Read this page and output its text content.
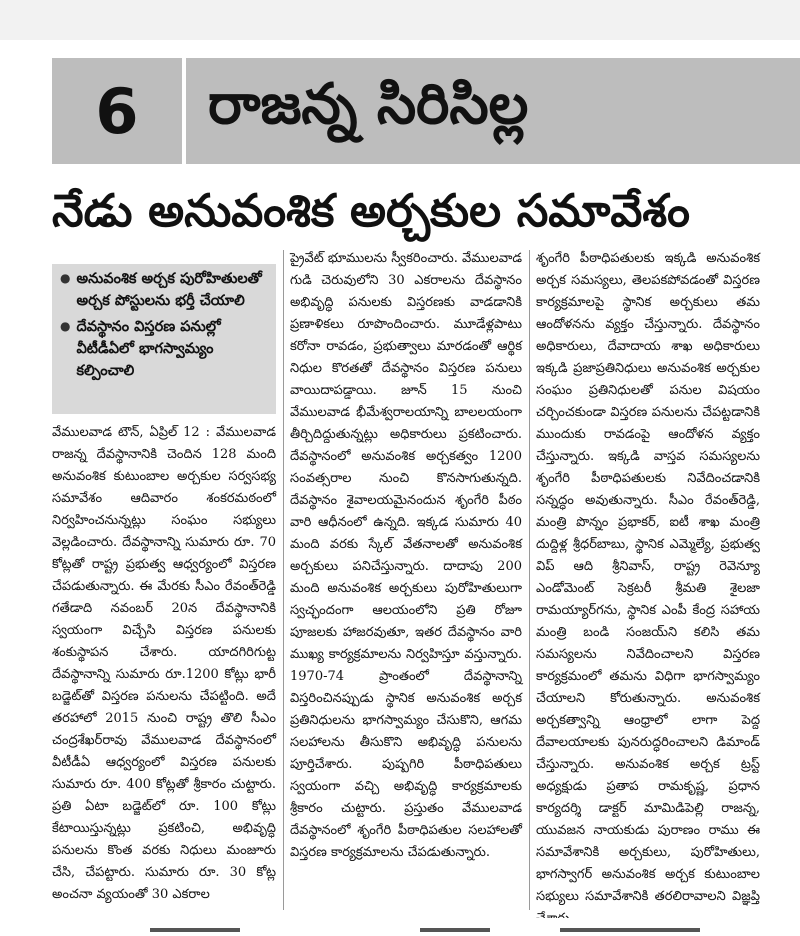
6	రాజన్న సిరిసిల్ల
నేడు అనువంశిక అర్చకుల సమావేశం
● అనువంశిక అర్చక పురోహితులతో అర్చక పోస్టులను భర్తీ చేయాలి
● దేవస్థానం విస్తరణ పనుల్లో వీటీడీఏలో భాగస్వామ్యం కల్పించాలి

వేములవాడ టౌన్, ఏప్రిల్ 12 : వేములవాడ రాజన్న దేవస్థానానికి చెందిన 128 మంది అనువంశిక కుటుంబాల అర్చకుల సర్వసభ్య సమావేశం ఆదివారం శంకరమఠంలో నిర్వహించనున్నట్లు సంఘం సభ్యులు వెల్లడించారు. దేవస్థానాన్ని సుమారు రూ. 70 కోట్లతో రాష్ట్ర ప్రభుత్వ ఆధ్వర్యంలో విస్తరణ చేపడుతున్నారు. ఈ మేరకు సీఎం రేవంత్‌రెడ్డి గతేడాది నవంబర్ 20న దేవస్థానానికి స్వయంగా విచ్చేసి విస్తరణ పనులకు శంకుస్థాపన చేశారు. యాదగిరిగుట్ట దేవస్థానాన్ని సుమారు రూ.1200 కోట్లు భారీ బడ్జెట్‌తో విస్తరణ పనులను చేపట్టింది. అదే తరహాలో 2015 నుంచి రాష్ట్ర తొలి సీఎం చంద్రశేఖర్‌రావు వేములవాడ దేవస్థానంలో వీటీడీఏ ఆధ్వర్యంలో విస్తరణ పనులకు సుమారు రూ. 400 కోట్లతో శ్రీకారం చుట్టారు. ప్రతి ఏటా బడ్జెట్‌లో రూ. 100 కోట్లు కేటాయిస్తున్నట్లు ప్రకటించి, అభివృద్ధి పనులను కొంత వరకు నిధులు మంజూరు చేసి, చేపట్టారు. సుమారు రూ. 30 కోట్ల అంచనా వ్యయంతో 30 ఎకరాల

ప్రైవేట్ భూములను స్వీకరించారు. వేములవాడ గుడి చెరువులోని 30 ఎకరాలను దేవస్థానం అభివృద్ధి పనులకు విస్తరణకు వాడడానికి ప్రణాళికలు రూపొందించారు. మూడేళ్లపాటు కరోనా రావడం, ప్రభుత్వాలు మారడంతో ఆర్థిక నిధుల కొరతతో దేవస్థానం విస్తరణ పనులు వాయిదాపడ్డాయి. జూన్ 15 నుంచి వేములవాడ భీమేశ్వరాలయాన్ని బాలలయంగా తీర్చిదిద్దుతున్నట్లు అధికారులు ప్రకటించారు. దేవస్థానంలో అనువంశిక అర్చకత్వం 1200 సంవత్సరాల నుంచి కొనసాగుతున్నది. దేవస్థానం శైవాలయమైనందున శృంగేరి పీఠం వారి ఆధీనంలో ఉన్నది. ఇక్కడ సుమారు 40 మంది వరకు స్కేల్ వేతనాలతో అనువంశిక అర్చకులు పనిచేస్తున్నారు. దాదాపు 200 మంది అనువంశిక అర్చకులు పురోహితులుగా స్వచ్ఛందంగా ఆలయంలోని ప్రతి రోజూ పూజలకు హాజరవుతూ, ఇతర దేవస్థానం వారి ముఖ్య కార్యక్రమాలను నిర్వహిస్తూ వస్తున్నారు. 1970-74 ప్రాంతంలో దేవస్థానాన్ని విస్తరించినప్పుడు స్థానిక అనువంశిక అర్చక ప్రతినిధులను భాగస్వామ్యం చేసుకొని, ఆగమ సలహాలను తీసుకొని అభివృద్ధి పనులను పూర్తిచేశారు. పుష్పగిరి పీఠాధిపతులు స్వయంగా వచ్చి అభివృద్ధి కార్యక్రమాలకు శ్రీకారం చుట్టారు. ప్రస్తుతం వేములవాడ దేవస్థానంలో శృంగేరి పీఠాధిపతుల సలహాలతో విస్తరణ కార్యక్రమాలను చేపడుతున్నారు.

శృంగేరి పీఠాధిపతులకు ఇక్కడి అనువంశిక అర్చక సమస్యలు, తెలపకపోవడంతో విస్తరణ కార్యక్రమాలపై స్థానిక అర్చకులు తమ ఆందోళనను వ్యక్తం చేస్తున్నారు. దేవస్థానం అధికారులు, దేవాదాయ శాఖ అధికారులు ఇక్కడి ప్రజాప్రతినిధులు అనువంశిక అర్చకుల సంఘం ప్రతినిధులతో పనుల విషయం చర్చించకుండా విస్తరణ పనులను చేపట్టడానికి ముందుకు రావడంపై ఆందోళన వ్యక్తం చేస్తున్నారు. ఇక్కడి వాస్తవ సమస్యలను శృంగేరి పీఠాధిపతులకు నివేదించడానికి సన్నద్ధం అవుతున్నారు. సీఎం రేవంత్‌రెడ్డి, మంత్రి పొన్నం ప్రభాకర్, ఐటీ శాఖ మంత్రి దుద్దిళ్ల శ్రీధర్‌బాబు, స్థానిక ఎమ్మెల్యే, ప్రభుత్వ విప్ ఆది శ్రీనివాస్, రాష్ట్ర రెవెన్యూ ఎండోమెంట్ సెక్రటరీ శ్రీమతి శైలజా రామయ్యార్‌గ‌ను, స్థానిక ఎంపీ కేంద్ర సహాయ మంత్రి బండి సంజయ్‌ని కలిసి తమ సమస్యలను నివేదించాలని విస్తరణ కార్యక్రమంలో తమను విధిగా భాగస్వామ్యం చేయాలని కోరుతున్నారు. అనువంశిక అర్చకత్వాన్ని ఆంధ్రాలో లాగా పెద్ద దేవాలయాలకు పునరుద్ధరించాలని డిమాండ్ చేస్తున్నారు. అనువంశిక అర్చక ట్రస్ట్ అధ్యక్షుడు ప్రతాప రామకృష్ణ, ప్రధాన కార్యదర్శి డాక్టర్ మామిడిపెల్లి రాజన్న, యువజన నాయకుడు పురాణం రాము ఈ సమావేశానికి అర్చకులు, పురోహితులు, భాగస్వాగర్ అనువంశిక అర్చక కుటుంబాల సభ్యులు సమావేశానికి తరలిరావాలని విజ్ఞప్తి
